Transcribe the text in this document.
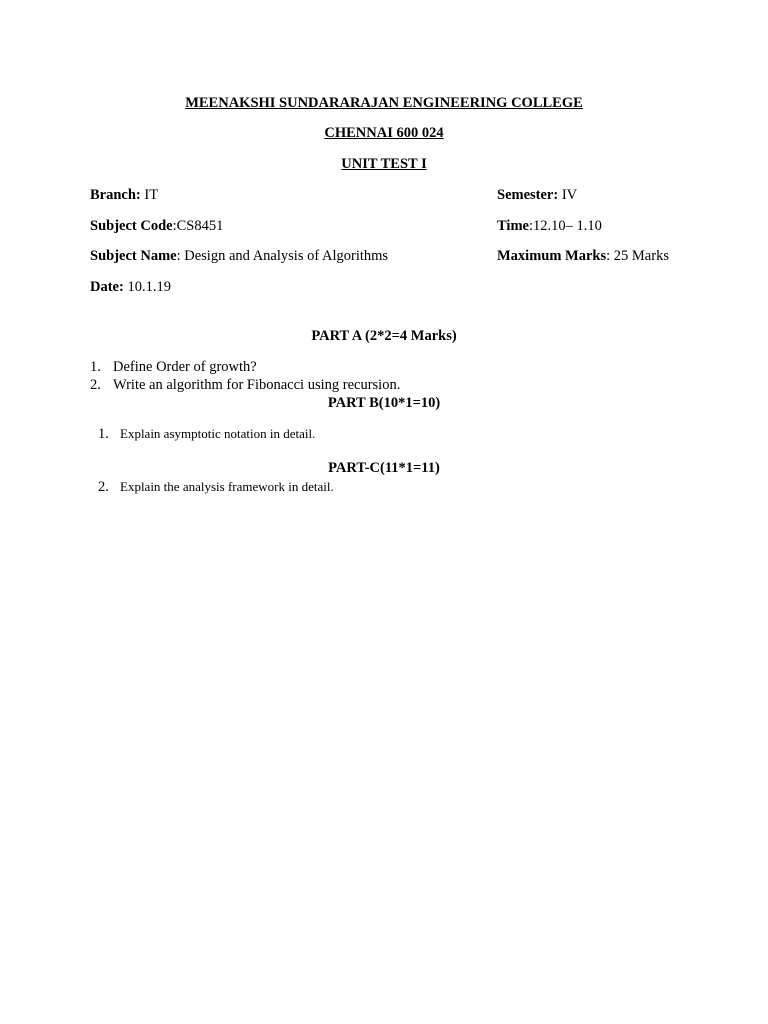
MEENAKSHI SUNDARARAJAN ENGINEERING COLLEGE
CHENNAI 600 024
UNIT TEST I
Branch: IT
Subject Code:CS8451
Subject Name: Design and Analysis of Algorithms
Date: 10.1.19
Semester: IV
Time:12.10– 1.10
Maximum Marks: 25 Marks
PART A (2*2=4 Marks)
1. Define Order of growth?
2. Write an algorithm for Fibonacci using recursion.
PART B(10*1=10)
1. Explain asymptotic notation in detail.
PART-C(11*1=11)
2. Explain the analysis framework in detail.
